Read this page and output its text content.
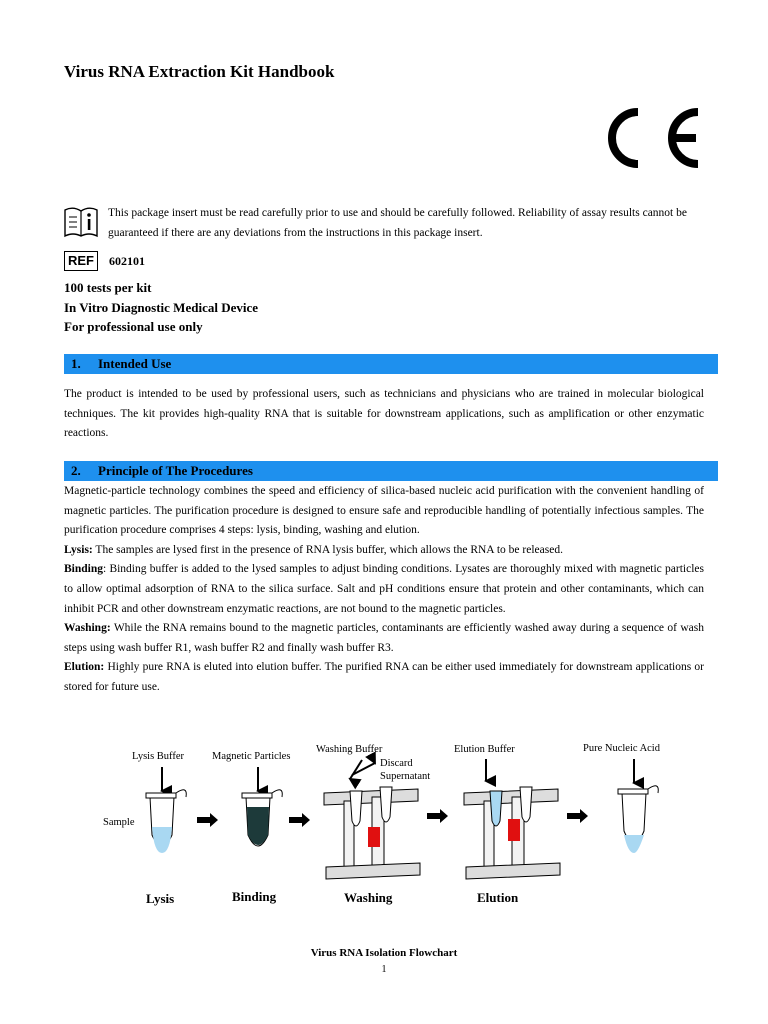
Virus RNA Extraction Kit Handbook
This package insert must be read carefully prior to use and should be carefully followed. Reliability of assay results cannot be guaranteed if there are any deviations from the instructions in this package insert.
REF	602101
100 tests per kit
In Vitro Diagnostic Medical Device
For professional use only
1. Intended Use

The product is intended to be used by professional users, such as technicians and physicians who are trained in molecular biological techniques. The kit provides high-quality RNA that is suitable for downstream applications, such as amplification or other enzymatic reactions.

2. Principle of The Procedures

Magnetic-particle technology combines the speed and efficiency of silica-based nucleic acid purification with the convenient handling of magnetic particles. The purification procedure is designed to ensure safe and reproducible handling of potentially infectious samples. The purification procedure comprises 4 steps: lysis, binding, washing and elution.

Lysis: The samples are lysed first in the presence of RNA lysis buffer, which allows the RNA to be released.

Binding: Binding buffer is added to the lysed samples to adjust binding conditions. Lysates are thoroughly mixed with magnetic particles to allow optimal adsorption of RNA to the silica surface. Salt and pH conditions ensure that protein and other contaminants, which can inhibit PCR and other downstream enzymatic reactions, are not bound to the magnetic particles.

Washing: While the RNA remains bound to the magnetic particles, contaminants are efficiently washed away during a sequence of wash steps using wash buffer R1, wash buffer R2 and finally wash buffer R3.

Elution: Highly pure RNA is eluted into elution buffer. The purified RNA can be either used immediately for downstream applications or stored for future use.

Lysis Buffer	Magnetic Particles
Washing Buffer
Discard
Supernatant
Elution Buffer	Pure Nucleic Acid
Sample
Lysis	Binding	Washing	Elution
Virus RNA Isolation Flowchart
1
